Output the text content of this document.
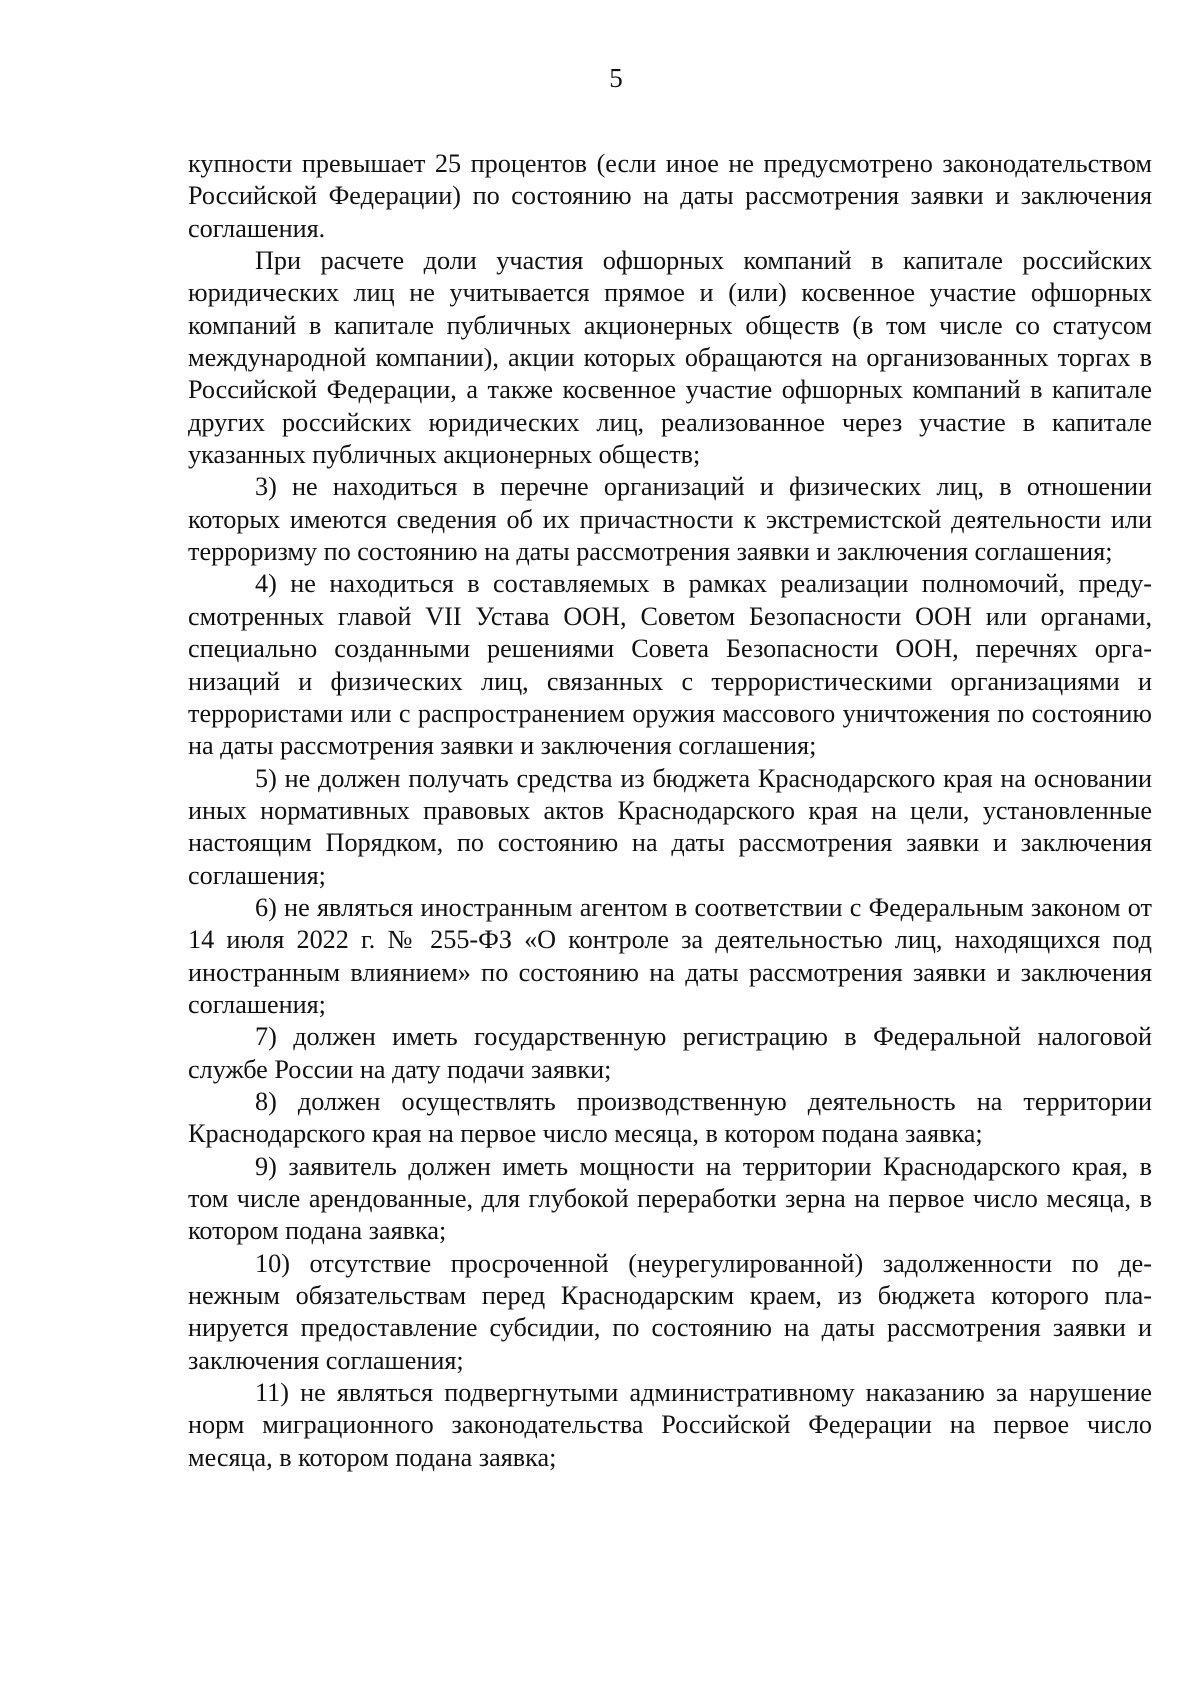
5

купности превышает 25 процентов (если иное не предусмотрено законодательством Российской Федерации) по состоянию на даты рассмотрения заявки и заключения соглашения.

При расчете доли участия офшорных компаний в капитале российских юридических лиц не учитывается прямое и (или) косвенное участие офшорных компаний в капитале публичных акционерных обществ (в том числе со статусом международной компании), акции которых обращаются на организованных торгах в Российской Федерации, а также косвенное участие офшорных компаний в капитале других российских юридических лиц, реализованное через участие в капитале указанных публичных акционерных обществ;

3) не находиться в перечне организаций и физических лиц, в отношении которых имеются сведения об их причастности к экстремистской деятельности или терроризму по состоянию на даты рассмотрения заявки и заключения соглашения;

4) не находиться в составляемых в рамках реализации полномочий, предусмотренных главой VII Устава ООН, Советом Безопасности ООН или органами, специально созданными решениями Совета Безопасности ООН, перечнях организаций и физических лиц, связанных с террористическими организациями и террористами или с распространением оружия массового уничтожения по состоянию на даты рассмотрения заявки и заключения соглашения;

5) не должен получать средства из бюджета Краснодарского края на основании иных нормативных правовых актов Краснодарского края на цели, установленные настоящим Порядком, по состоянию на даты рассмотрения заявки и заключения соглашения;

6) не являться иностранным агентом в соответствии с Федеральным законом от 14 июля 2022 г. № 255-ФЗ «О контроле за деятельностью лиц, находящихся под иностранным влиянием» по состоянию на даты рассмотрения заявки и заключения соглашения;

7) должен иметь государственную регистрацию в Федеральной налоговой службе России на дату подачи заявки;

8) должен осуществлять производственную деятельность на территории Краснодарского края на первое число месяца, в котором подана заявка;

9) заявитель должен иметь мощности на территории Краснодарского края, в том числе арендованные, для глубокой переработки зерна на первое число месяца, в котором подана заявка;

10) отсутствие просроченной (неурегулированной) задолженности по денежным обязательствам перед Краснодарским краем, из бюджета которого планируется предоставление субсидии, по состоянию на даты рассмотрения заявки и заключения соглашения;

11) не являться подвергнутыми административному наказанию за нарушение норм миграционного законодательства Российской Федерации на первое число месяца, в котором подана заявка;
